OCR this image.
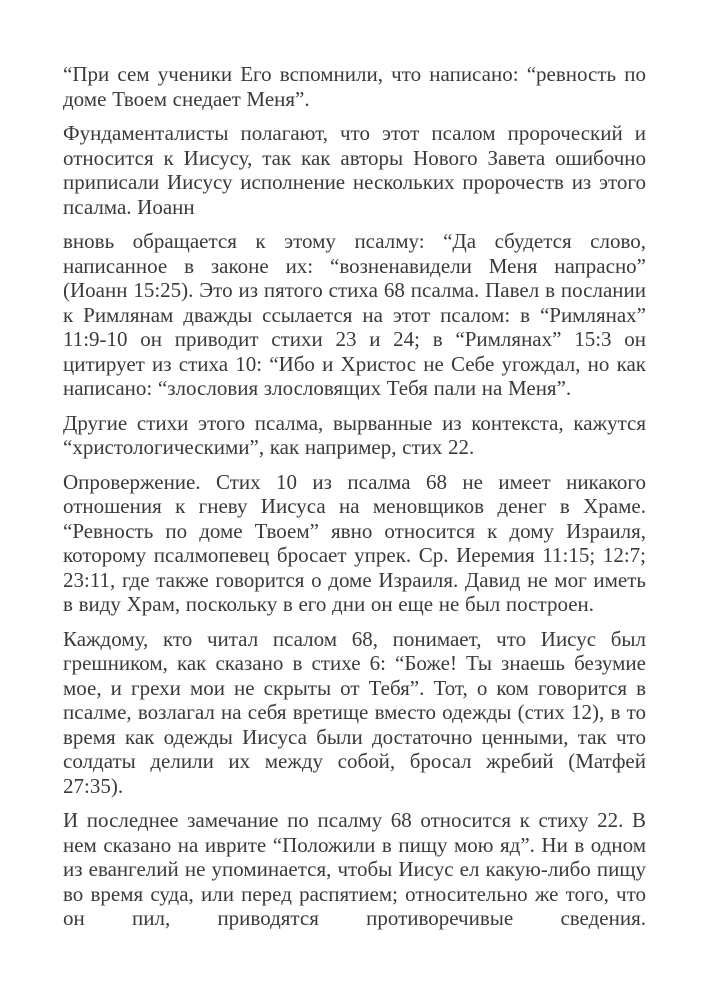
“При сем ученики Его вспомнили, что написано: “ревность по доме Твоем снедает Меня”.

Фундаменталисты полагают, что этот псалом пророческий и относится к Иисусу, так как авторы Нового Завета ошибочно приписали Иисусу исполнение нескольких пророчеств из этого псалма. Иоанн

вновь обращается к этому псалму: “Да сбудется слово, написанное в законе их: “возненавидели Меня напрасно” (Иоанн 15:25). Это из пятого стиха 68 псалма. Павел в послании к Римлянам дважды ссылается на этот псалом: в “Римлянах” 11:9-10 он приводит стихи 23 и 24; в “Римлянах” 15:3 он цитирует из стиха 10: “Ибо и Христос не Себе угождал, но как написано: “злословия злословящих Тебя пали на Меня”.

Другие стихи этого псалма, вырванные из контекста, кажутся “христологическими”, как например, стих 22.

Опровержение. Стих 10 из псалма 68 не имеет никакого отношения к гневу Иисуса на меновщиков денег в Храме. “Ревность по доме Твоем” явно относится к дому Израиля, которому псалмопевец бросает упрек. Ср. Иеремия 11:15; 12:7; 23:11, где также говорится о доме Израиля. Давид не мог иметь в виду Храм, поскольку в его дни он еще не был построен.

Каждому, кто читал псалом 68, понимает, что Иисус был грешником, как сказано в стихе 6: “Боже! Ты знаешь безумие мое, и грехи мои не скрыты от Тебя”. Тот, о ком говорится в псалме, возлагал на себя вретище вместо одежды (стих 12), в то время как одежды Иисуса были достаточно ценными, так что солдаты делили их между собой, бросал жребий (Матфей 27:35).

И последнее замечание по псалму 68 относится к стиху 22. В нем сказано на иврите “Положили в пищу мою яд”. Ни в одном из евангелий не упоминается, чтобы Иисус ел какую-либо пищу во время суда, или перед распятием; относительно же того, что он пил, приводятся противоречивые сведения.
